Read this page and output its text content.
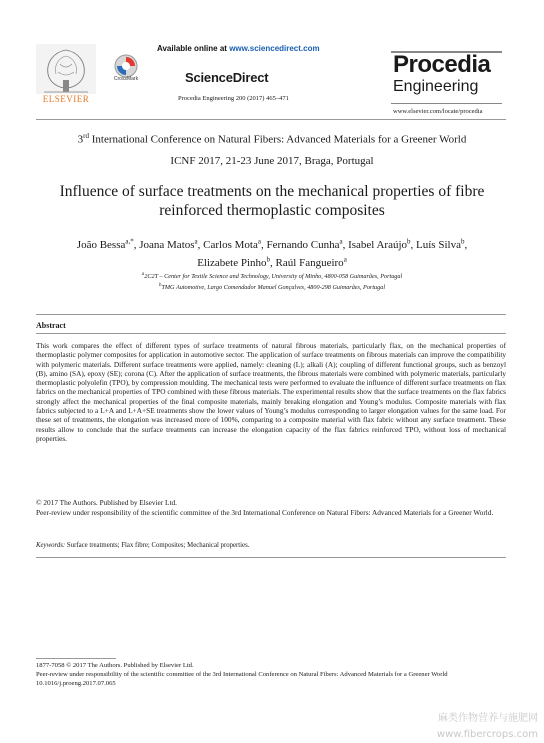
ELSEVIER
CrossMark
Available online at www.sciencedirect.com
ScienceDirect
Procedia Engineering 200 (2017) 465–471
Procedia
Engineering
www.elsevier.com/locate/procedia
3rd International Conference on Natural Fibers: Advanced Materials for a Greener World
ICNF 2017, 21-23 June 2017, Braga, Portugal
Influence of surface treatments on the mechanical properties of fibre
reinforced thermoplastic composites
João Bessa$^{a,*}$, Joana Matos$^a$, Carlos Mota$^a$, Fernando Cunha$^a$, Isabel Araújo$^b$, Luís Silva$^b$,
Elizabete Pinho$^b$, Raúl Fangueiro$^a$
$^a$2C2T – Center for Textile Science and Technology, University of Minho, 4800-058 Guimarães, Portugal
$^b$TMG Automotive, Largo Comendador Manuel Gonçalves, 4800-298 Guimarães, Portugal
Abstract
This work compares the effect of different types of surface treatments of natural fibrous materials, particularly flax, on the mechanical properties of thermoplastic polymer composites for application in automotive sector. The application of surface treatments on fibrous materials can improve the compatibility with polymeric materials. Different surface treatments were applied, namely: cleaning (L); alkali (A); coupling of different functional groups, such as benzoyl (B), amino (SA), epoxy (SE); corona (C). After the application of surface treatments, the fibrous materials were combined with polymeric materials, particularly thermoplastic polyolefin (TPO), by compression moulding. The mechanical tests were performed to evaluate the influence of different surface treatments on flax fabrics on the mechanical properties of TPO combined with these fibrous materials. The experimental results show that the surface treatments on the flax fabrics strongly affect the mechanical properties of the final composite materials, mainly breaking elongation and Young’s modulus. Composite materials with flax fabrics subjected to a L+A and L+A+SE treatments show the lower values of Young’s modulus corresponding to larger elongation values for the same load. For these set of treatments, the elongation was increased more of 100%, comparing to a composite material with flax fabric without any surface treatment. These results allow to conclude that the surface treatments can increase the elongation capacity of the flax fabrics reinforced TPO, without loss of mechanical properties.
© 2017 The Authors. Published by Elsevier Ltd.
Peer-review under responsibility of the scientific committee of the 3rd International Conference on Natural Fibers: Advanced Materials for a Greener World.
Keywords: Surface treatments; Flax fibre; Composites; Mechanical properties.
1877-7058 © 2017 The Authors. Published by Elsevier Ltd.
Peer-review under responsibility of the scientific committee of the 3rd International Conference on Natural Fibers: Advanced Materials for a Greener World
10.1016/j.proeng.2017.07.065
麻类作物营养与施肥网
www.fibercrops.com
